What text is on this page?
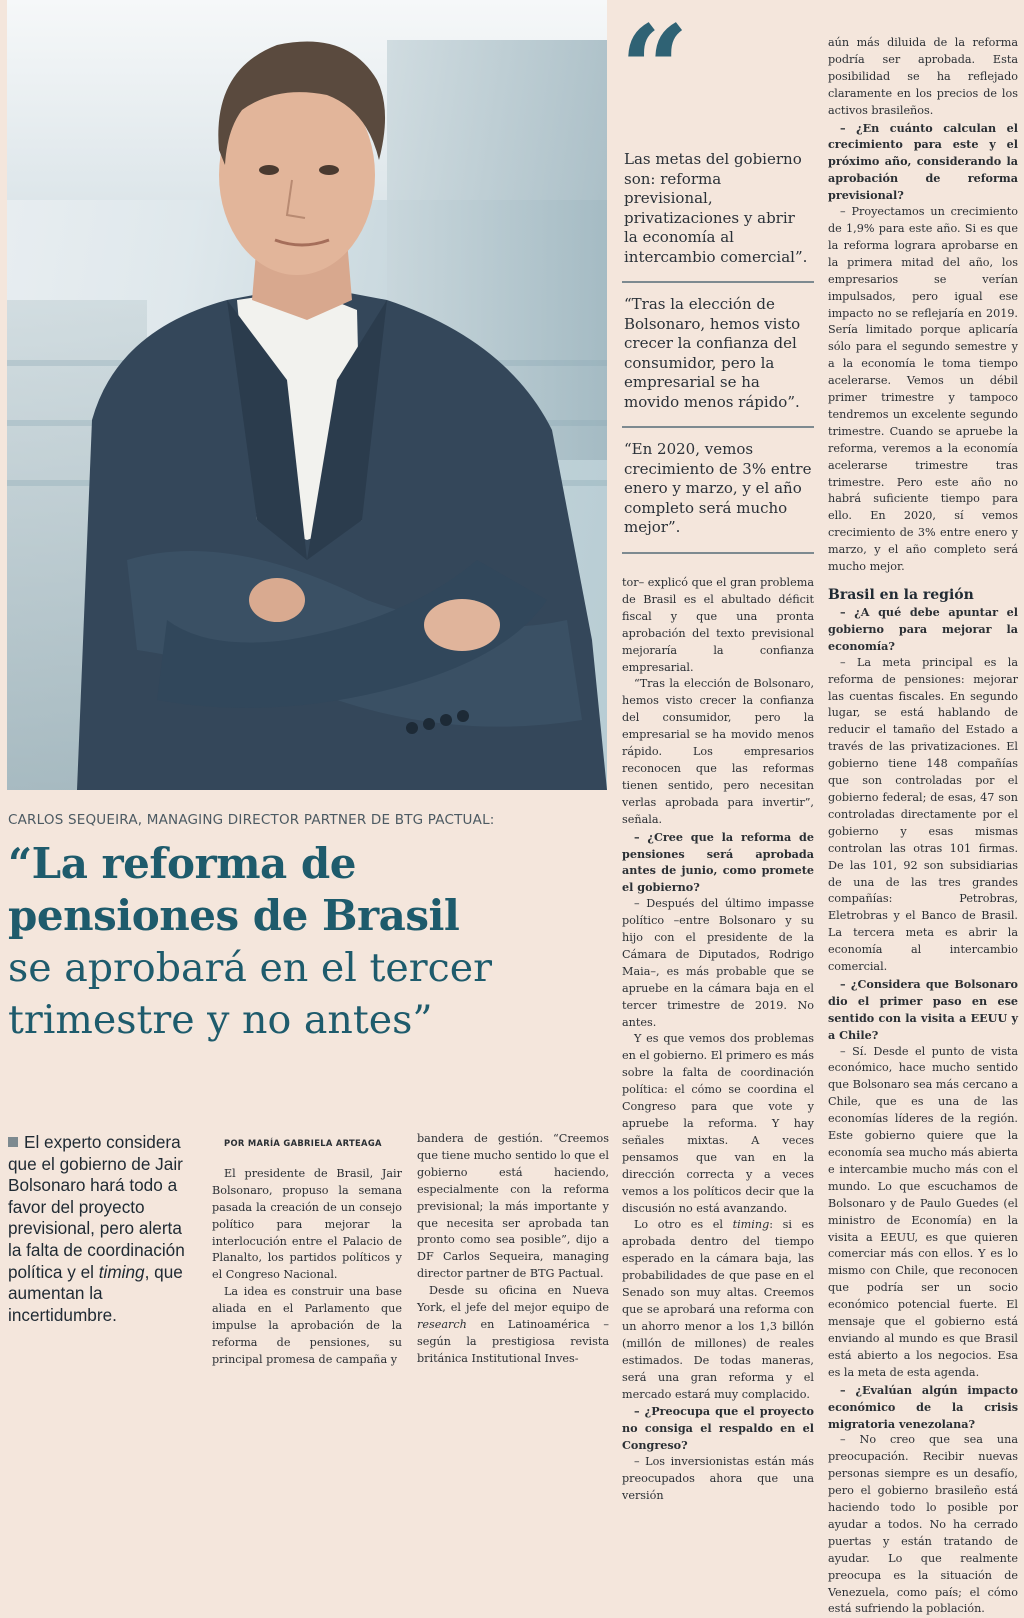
“
Las metas del gobierno son: reforma previsional, privatizaciones y abrir la economía al intercambio comercial”.
“Tras la elección de Bolsonaro, hemos visto crecer la confianza del consumidor, pero la empresarial se ha movido menos rápido”.
“En 2020, vemos crecimiento de 3% entre enero y marzo, y el año completo será mucho mejor”.
CARLOS SEQUEIRA, MANAGING DIRECTOR PARTNER DE BTG PACTUAL:
“La reforma de
pensiones de Brasil
se aprobará en el tercer
trimestre y no antes”
El experto considera que el gobierno de Jair Bolsonaro hará todo a favor del proyecto previsional, pero alerta la falta de coordinación política y el timing, que aumentan la incertidumbre.

POR MARÍA GABRIELA ARTEAGA

El presidente de Brasil, Jair Bolsonaro, propuso la semana pasada la creación de un consejo político para mejorar la interlocución entre el Palacio de Planalto, los partidos políticos y el Congreso Nacional.

La idea es construir una base aliada en el Parlamento que impulse la aprobación de la reforma de pensiones, su principal promesa de campaña y

bandera de gestión. “Creemos que tiene mucho sentido lo que el gobierno está haciendo, especialmente con la reforma previsional; la más importante y que necesita ser aprobada tan pronto como sea posible”, dijo a DF Carlos Sequeira, managing director partner de BTG Pactual.

Desde su oficina en Nueva York, el jefe del mejor equipo de research en Latinoamérica –según la prestigiosa revista británica Institutional Inves-

tor– explicó que el gran problema de Brasil es el abultado déficit fiscal y que una pronta aprobación del texto previsional mejoraría la confianza empresarial.

“Tras la elección de Bolsonaro, hemos visto crecer la confianza del consumidor, pero la empresarial se ha movido menos rápido. Los empresarios reconocen que las reformas tienen sentido, pero necesitan verlas aprobada para invertir”, señala.

– ¿Cree que la reforma de pensiones será aprobada antes de junio, como promete el gobierno?

– Después del último impasse político –entre Bolsonaro y su hijo con el presidente de la Cámara de Diputados, Rodrigo Maia–, es más probable que se apruebe en la cámara baja en el tercer trimestre de 2019. No antes.

Y es que vemos dos problemas en el gobierno. El primero es más sobre la falta de coordinación política: el cómo se coordina el Congreso para que vote y apruebe la reforma. Y hay señales mixtas. A veces pensamos que van en la dirección correcta y a veces vemos a los políticos decir que la discusión no está avanzando.

Lo otro es el timing: si es aprobada dentro del tiempo esperado en la cámara baja, las probabilidades de que pase en el Senado son muy altas. Creemos que se aprobará una reforma con un ahorro menor a los 1,3 billón (millón de millones) de reales estimados. De todas maneras, será una gran reforma y el mercado estará muy complacido.

– ¿Preocupa que el proyecto no consiga el respaldo en el Congreso?

– Los inversionistas están más preocupados ahora que una versión

aún más diluida de la reforma podría ser aprobada. Esta posibilidad se ha reflejado claramente en los precios de los activos brasileños.

– ¿En cuánto calculan el crecimiento para este y el próximo año, considerando la aprobación de reforma previsional?

– Proyectamos un crecimiento de 1,9% para este año. Si es que la reforma lograra aprobarse en la primera mitad del año, los empresarios se verían impulsados, pero igual ese impacto no se reflejaría en 2019. Sería limitado porque aplicaría sólo para el segundo semestre y a la economía le toma tiempo acelerarse. Vemos un débil primer trimestre y tampoco tendremos un excelente segundo trimestre. Cuando se apruebe la reforma, veremos a la economía acelerarse trimestre tras trimestre. Pero este año no habrá suficiente tiempo para ello. En 2020, sí vemos crecimiento de 3% entre enero y marzo, y el año completo será mucho mejor.

Brasil en la región

– ¿A qué debe apuntar el gobierno para mejorar la economía?

– La meta principal es la reforma de pensiones: mejorar las cuentas fiscales. En segundo lugar, se está hablando de reducir el tamaño del Estado a través de las privatizaciones. El gobierno tiene 148 compañías que son controladas por el gobierno federal; de esas, 47 son controladas directamente por el gobierno y esas mismas controlan las otras 101 firmas. De las 101, 92 son subsidiarias de una de las tres grandes compañías: Petrobras, Eletrobras y el Banco de Brasil. La tercera meta es abrir la economía al intercambio comercial.

– ¿Considera que Bolsonaro dio el primer paso en ese sentido con la visita a EEUU y a Chile?

– Sí. Desde el punto de vista económico, hace mucho sentido que Bolsonaro sea más cercano a Chile, que es una de las economías líderes de la región. Este gobierno quiere que la economía sea mucho más abierta e intercambie mucho más con el mundo. Lo que escuchamos de Bolsonaro y de Paulo Guedes (el ministro de Economía) en la visita a EEUU, es que quieren comerciar más con ellos. Y es lo mismo con Chile, que reconocen que podría ser un socio económico potencial fuerte. El mensaje que el gobierno está enviando al mundo es que Brasil está abierto a los negocios. Esa es la meta de esta agenda.

– ¿Evalúan algún impacto económico de la crisis migratoria venezolana?

– No creo que sea una preocupación. Recibir nuevas personas siempre es un desafío, pero el gobierno brasileño está haciendo todo lo posible por ayudar a todos. No ha cerrado puertas y están tratando de ayudar. Lo que realmente preocupa es la situación de Venezuela, como país; el cómo está sufriendo la población.
